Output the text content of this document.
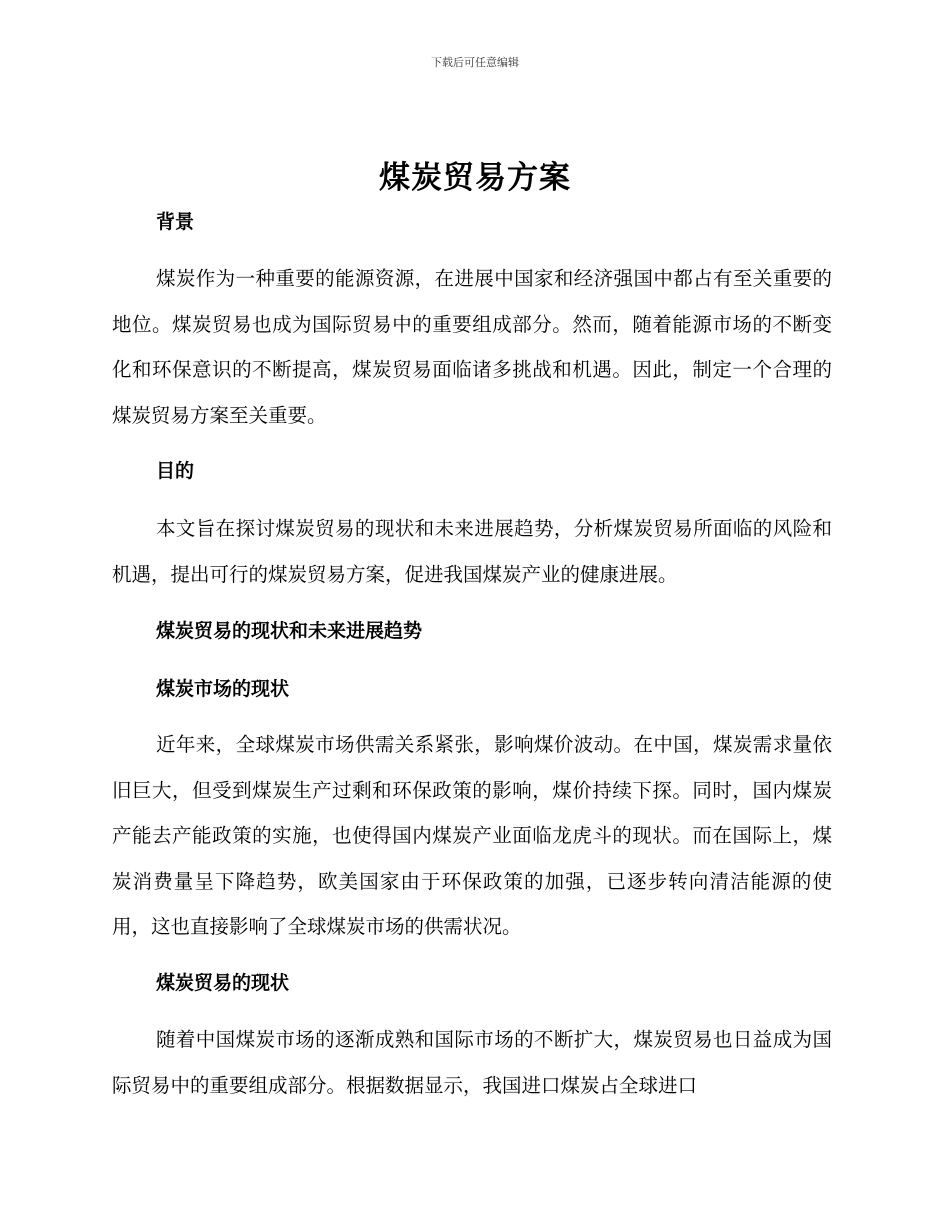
下载后可任意编辑
煤炭贸易方案
背景

煤炭作为一种重要的能源资源，在进展中国家和经济强国中都占有至关重要的地位。煤炭贸易也成为国际贸易中的重要组成部分。然而，随着能源市场的不断变化和环保意识的不断提高，煤炭贸易面临诸多挑战和机遇。因此，制定一个合理的煤炭贸易方案至关重要。

目的

本文旨在探讨煤炭贸易的现状和未来进展趋势，分析煤炭贸易所面临的风险和机遇，提出可行的煤炭贸易方案，促进我国煤炭产业的健康进展。

煤炭贸易的现状和未来进展趋势
煤炭市场的现状

近年来，全球煤炭市场供需关系紧张，影响煤价波动。在中国，煤炭需求量依旧巨大，但受到煤炭生产过剩和环保政策的影响，煤价持续下探。同时，国内煤炭产能去产能政策的实施，也使得国内煤炭产业面临龙虎斗的现状。而在国际上，煤炭消费量呈下降趋势，欧美国家由于环保政策的加强，已逐步转向清洁能源的使用，这也直接影响了全球煤炭市场的供需状况。

煤炭贸易的现状

随着中国煤炭市场的逐渐成熟和国际市场的不断扩大，煤炭贸易也日益成为国际贸易中的重要组成部分。根据数据显示，我国进口煤炭占全球进口
